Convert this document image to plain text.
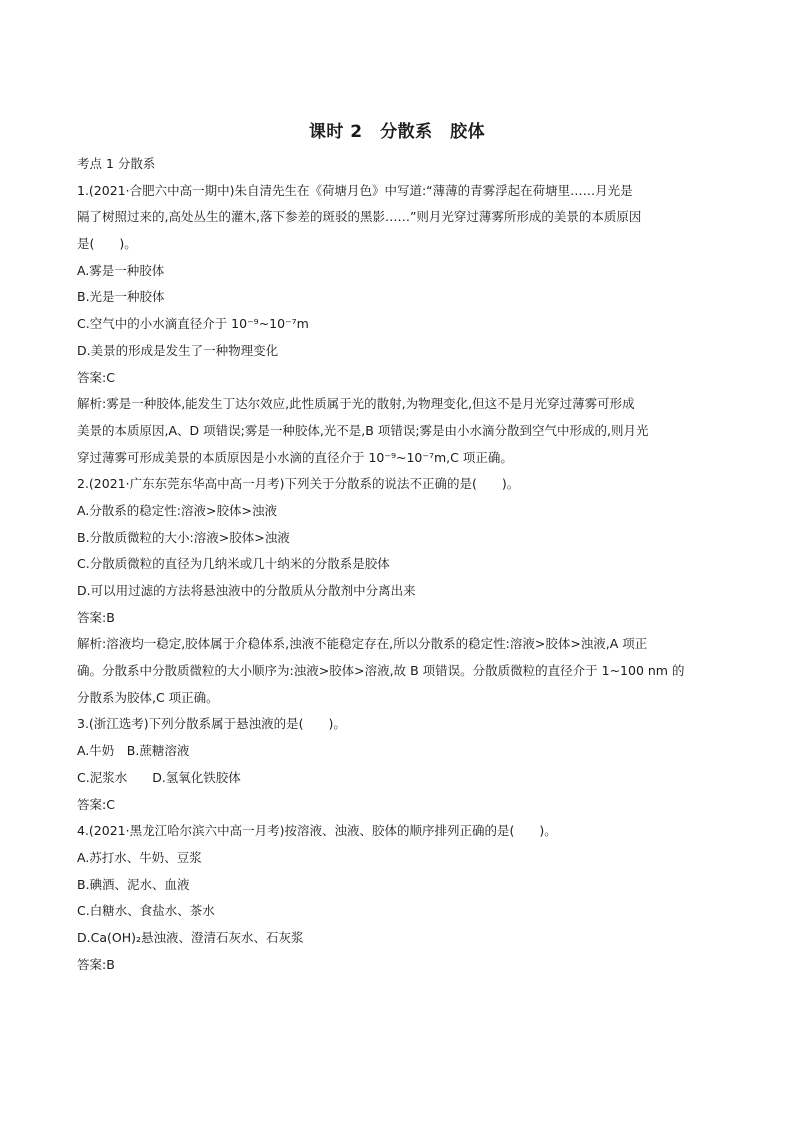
课时 2　分散系　胶体
考点 1 分散系
1.(2021·合肥六中高一期中)朱自清先生在《荷塘月色》中写道:“薄薄的青雾浮起在荷塘里……月光是
隔了树照过来的,高处丛生的灌木,落下参差的斑驳的黑影……”则月光穿过薄雾所形成的美景的本质原因
是(　　)。
A.雾是一种胶体
B.光是一种胶体
C.空气中的小水滴直径介于 10⁻⁹~10⁻⁷m
D.美景的形成是发生了一种物理变化
答案:C
解析:雾是一种胶体,能发生丁达尔效应,此性质属于光的散射,为物理变化,但这不是月光穿过薄雾可形成
美景的本质原因,A、D 项错误;雾是一种胶体,光不是,B 项错误;雾是由小水滴分散到空气中形成的,则月光
穿过薄雾可形成美景的本质原因是小水滴的直径介于 10⁻⁹~10⁻⁷m,C 项正确。
2.(2021·广东东莞东华高中高一月考)下列关于分散系的说法不正确的是(　　)。
A.分散系的稳定性:溶液>胶体>浊液
B.分散质微粒的大小:溶液>胶体>浊液
C.分散质微粒的直径为几纳米或几十纳米的分散系是胶体
D.可以用过滤的方法将悬浊液中的分散质从分散剂中分离出来
答案:B
解析:溶液均一稳定,胶体属于介稳体系,浊液不能稳定存在,所以分散系的稳定性:溶液>胶体>浊液,A 项正
确。分散系中分散质微粒的大小顺序为:浊液>胶体>溶液,故 B 项错误。分散质微粒的直径介于 1~100 nm 的
分散系为胶体,C 项正确。
3.(浙江选考)下列分散系属于悬浊液的是(　　)。
A.牛奶　B.蔗糖溶液
C.泥浆水　　D.氢氧化铁胶体
答案:C
4.(2021·黑龙江哈尔滨六中高一月考)按溶液、浊液、胶体的顺序排列正确的是(　　)。
A.苏打水、牛奶、豆浆
B.碘酒、泥水、血液
C.白糖水、食盐水、茶水
D.Ca(OH)₂悬浊液、澄清石灰水、石灰浆
答案:B
